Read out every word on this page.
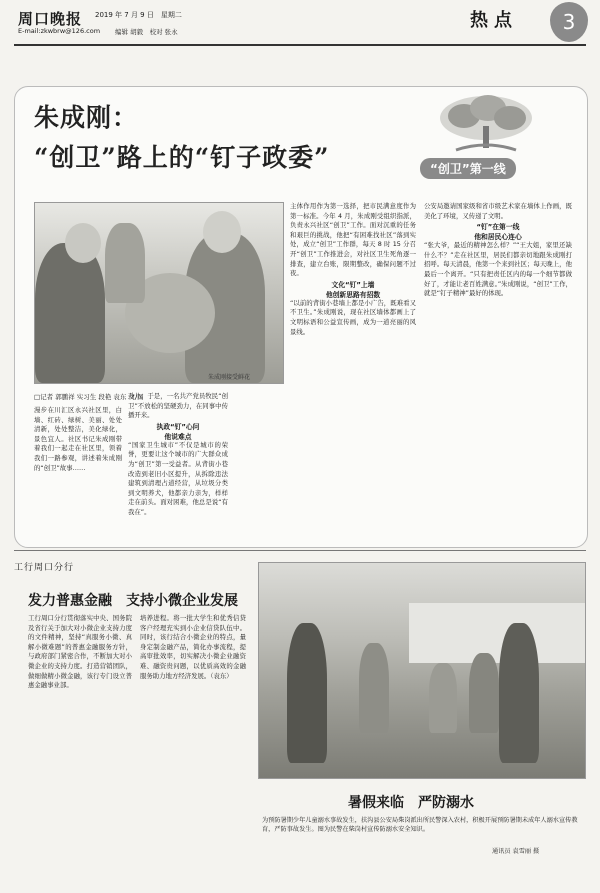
周口晚报 2019 年 7 月 9 日　星期二
E-mail:zkwbrw@126.com 编辑 胡毅　校对 张永
热点	3
朱成刚：
“创卫”路上的“钉子政委”	“创卫”第一线
朱成刚接受鲜花
□记者 郭鹏祥 实习生 段艳 袁东 文/图
漫步在川汇区永兴社区里，白墙、红砖、绿树、美丽、处处清新，处处整洁，美化绿化，景色宜人。社区书记朱成刚带着我们一起走在社区里，领着我们一路参观，讲述着朱成刚的“创卫”故事……
劲儿。于是，一名共产党员牧民“创卫”不放松的坚硬劲力，在同事中传播开来。
执政“钉”心问
他说难点
“国家卫生城市”不仅是城市的荣誉，更要让这个城市的广大群众成为“创卫”第一受益者。从背街小巷改造到老旧小区提升，从拆除违法建筑到清理占道经营，从垃圾分类到文明养犬，他都亲力亲为，样样走在前头。面对困难，他总是说“有我在”。
主体作用作为第一选择，把市民满意度作为第一标准。今年 4 月，朱成刚受组织指派，负责永兴社区“创卫”工作。面对沉重的任务和艰巨的挑战，他把“有困难找社区”落到实处，成立“创卫”工作群，每天 8 时 15 分召开“创卫”工作推进会，对社区卫生死角逐一排查，建立台账，限期整改，确保问题不过夜。
文化“钉”上墙
他创新思路有招数
“以前的背街小巷墙上都是小广告，既难看又不卫生。”朱成刚说，现在社区墙体都画上了文明标语和公益宣传画，成为一道亮丽的风景线。
公安局邀请国家级和省市级艺术家在墙体上作画，既美化了环境，又传递了文明。
“钉”在第一线
他和居民心连心
“张大爷，最近的精神怎么样？”“王大姐，家里还缺什么不？”走在社区里，居民们都亲切地跟朱成刚打招呼。每天清晨，他第一个来到社区；每天晚上，他最后一个离开。“只有把责任区内的每一个细节都做好了，才能让老百姓满意。”朱成刚说，“创卫”工作，就是“钉子精神”最好的体现。
工行周口分行
发力普惠金融　支持小微企业发展
工行周口分行贯彻落实中央、国务院及省行关于加大对小微企业支持力度的文件精神，坚持“真服务小微、真解小微难题”的普惠金融服务方针，与政府部门紧密合作，不断加大对小微企业的支持力度。打造营销团队，做细做精小微金融，该行专门设立普惠金融事业部。
培养进程。将一批大学生和优秀信贷客户经理充实到小企业信贷队伍中。同时，该行结合小微企业的特点，量身定制金融产品，简化办事流程，提高审批效率，切实解决小微企业融资难、融资贵问题，以优质高效的金融服务助力地方经济发展。（袁东）
暑假来临　严防溺水
为预防暑期少年儿童溺水事故发生，扶沟县公安局柴岗派出所民警深入农村，积极开展预防暑期未成年人溺水宣传教育，严防事故发生。图为民警在柴岗村宣传防溺水安全知识。
通讯员 袁雪丽 摄
